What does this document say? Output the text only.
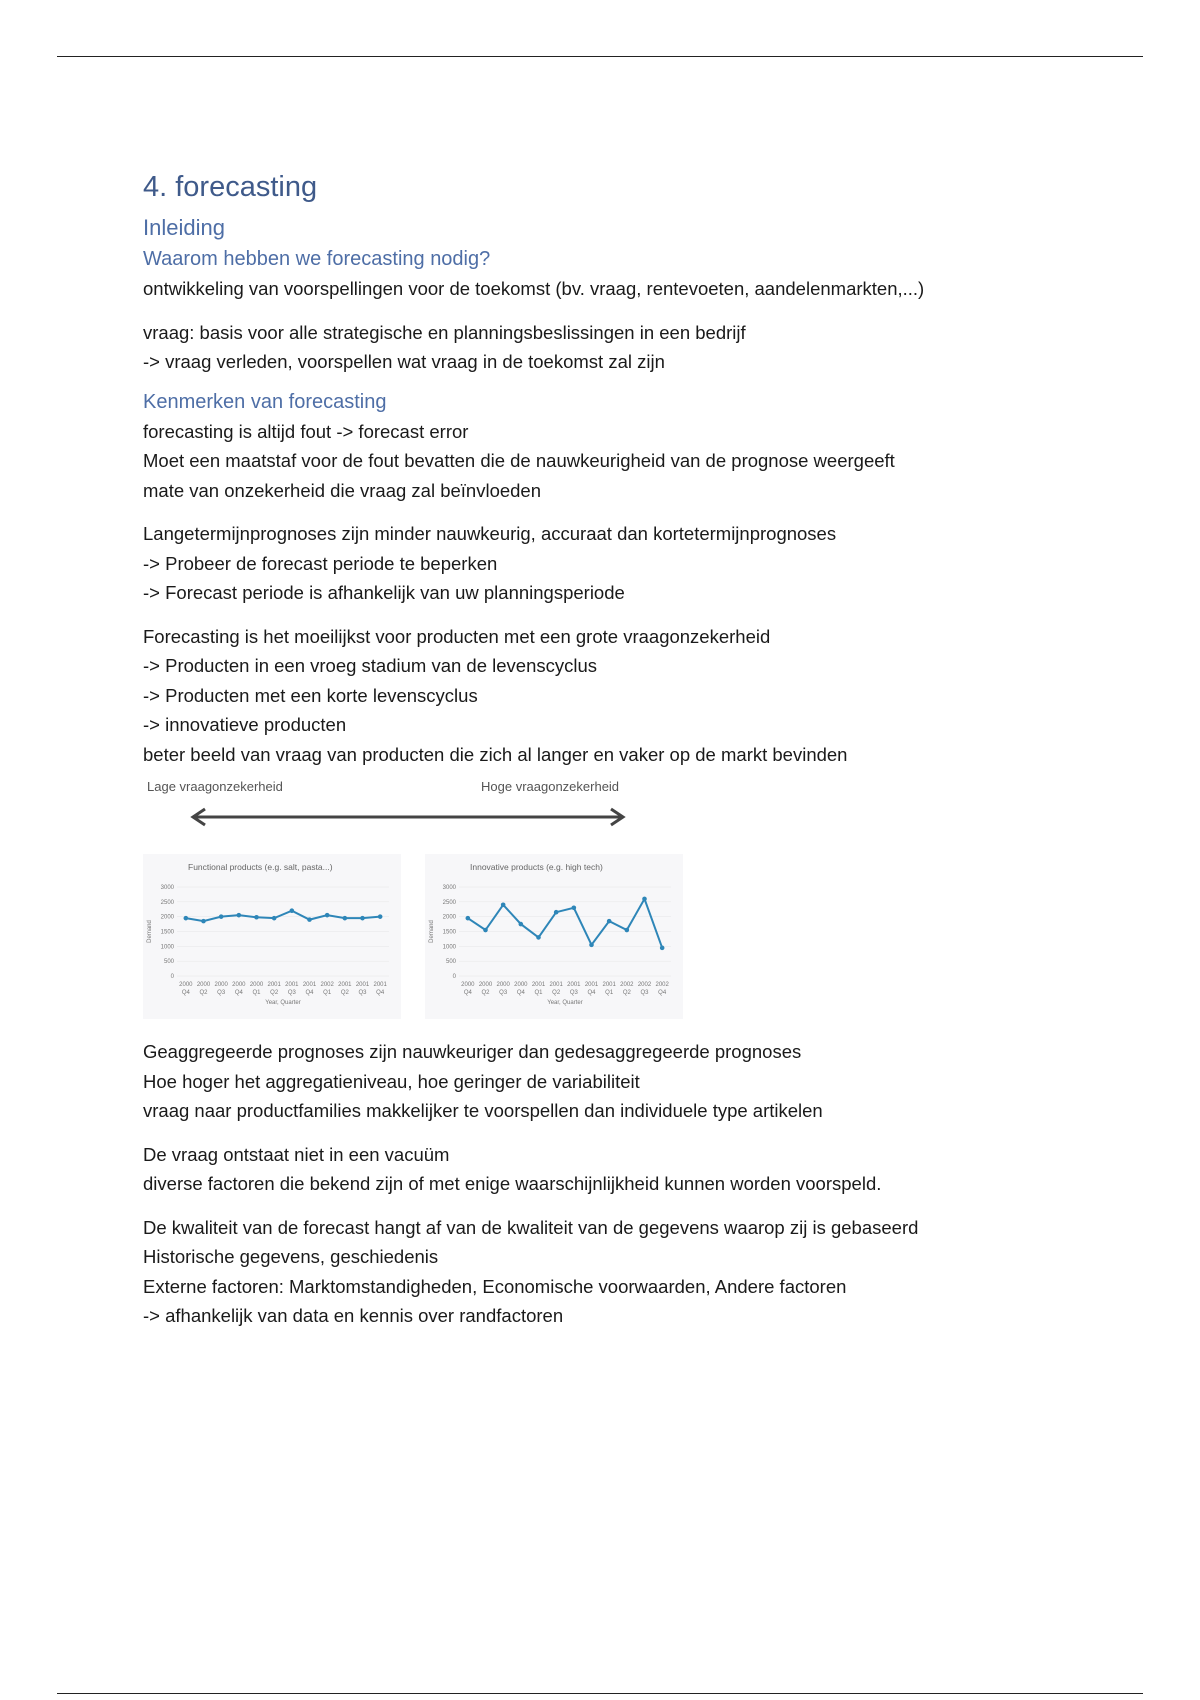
4. forecasting
Inleiding
Waarom hebben we forecasting nodig?

ontwikkeling van voorspellingen voor de toekomst (bv. vraag, rentevoeten, aandelenmarkten,...)

vraag: basis voor alle strategische en planningsbeslissingen in een bedrijf

-> vraag verleden, voorspellen wat vraag in de toekomst zal zijn

Kenmerken van forecasting

forecasting is altijd fout -> forecast error

Moet een maatstaf voor de fout bevatten die de nauwkeurigheid van de prognose weergeeft

mate van onzekerheid die vraag zal beïnvloeden

Langetermijnprognoses zijn minder nauwkeurig, accuraat dan kortetermijnprognoses

-> Probeer de forecast periode te beperken

-> Forecast periode is afhankelijk van uw planningsperiode

Forecasting is het moeilijkst voor producten met een grote vraagonzekerheid

-> Producten in een vroeg stadium van de levenscyclus

-> Producten met een korte levenscyclus

-> innovatieve producten

beter beeld van vraag van producten die zich al langer en vaker op de markt bevinden

Lage vraagonzekerheid	Hoge vraagonzekerheid
Functional products (e.g. salt, pasta...)
0
500
1000
1500
2000
2500
3000
Demand
2000
Q4
2000
Q2
2000
Q3
2000
Q4
2000
Q1
2001
Q2
2001
Q3
2001
Q4
2002
Q1
2001
Q2
2001
Q3
2001
Q4
Year, Quarter
Innovative products (e.g. high tech)
0
500
1000
1500
2000
2500
3000
Demand
2000
Q4
2000
Q2
2000
Q3
2000
Q4
2001
Q1
2001
Q2
2001
Q3
2001
Q4
2001
Q1
2002
Q2
2002
Q3
2002
Q4
Year, Quarter

Geaggregeerde prognoses zijn nauwkeuriger dan gedesaggregeerde prognoses

Hoe hoger het aggregatieniveau, hoe geringer de variabiliteit

vraag naar productfamilies makkelijker te voorspellen dan individuele type artikelen

De vraag ontstaat niet in een vacuüm

diverse factoren die bekend zijn of met enige waarschijnlijkheid kunnen worden voorspeld.

De kwaliteit van de forecast hangt af van de kwaliteit van de gegevens waarop zij is gebaseerd

Historische gegevens, geschiedenis

Externe factoren: Marktomstandigheden, Economische voorwaarden, Andere factoren

-> afhankelijk van data en kennis over randfactoren
